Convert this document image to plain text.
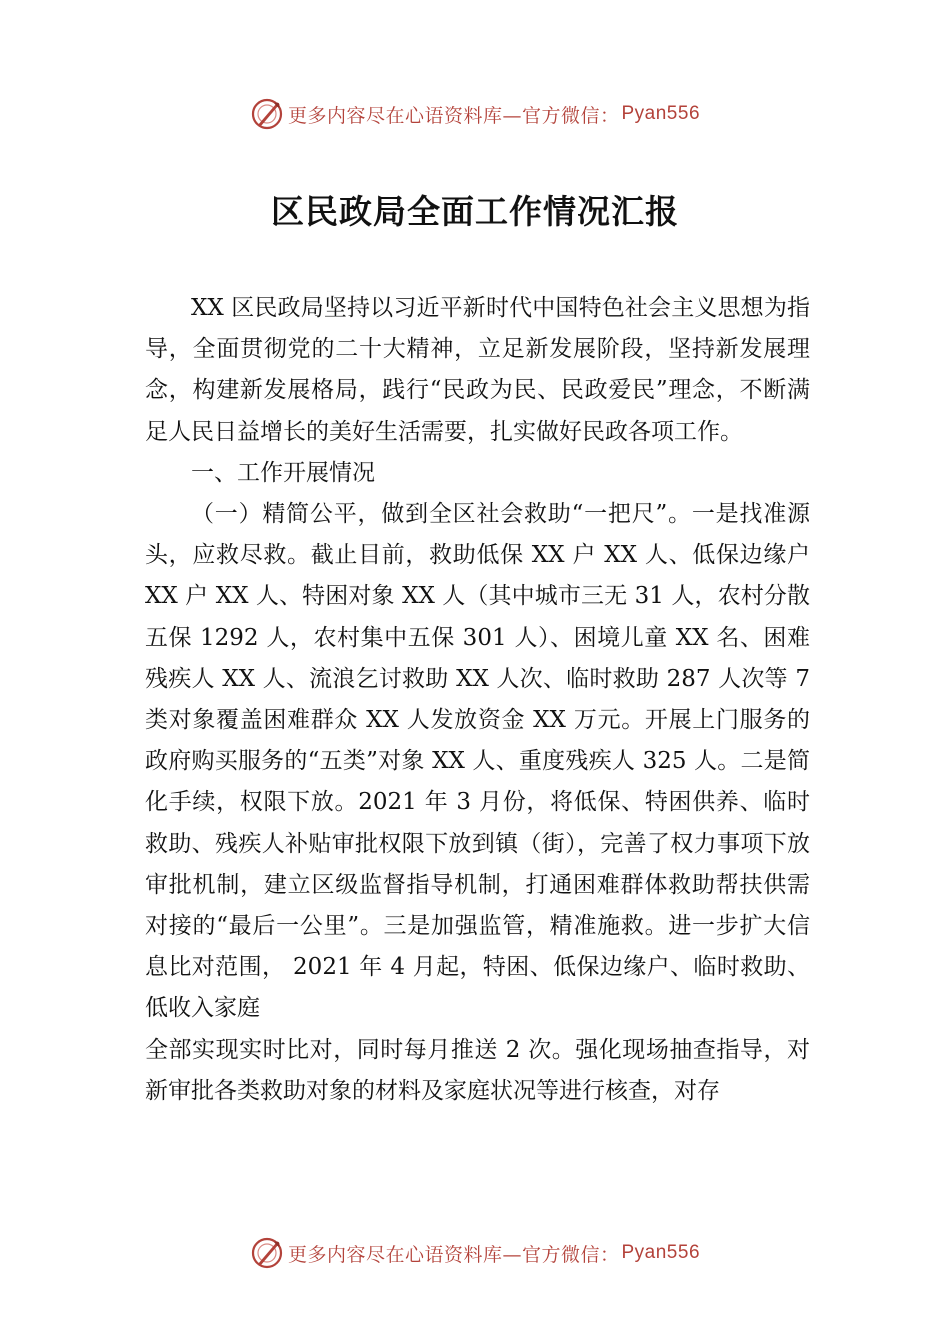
更多内容尽在心语资料库—官方微信： Pyan556
区民政局全面工作情况汇报

XX 区民政局坚持以习近平新时代中国特色社会主义思想为指导，全面贯彻党的二十大精神，立足新发展阶段，坚持新发展理念，构建新发展格局，践行“民政为民、民政爱民”理念，不断满足人民日益增长的美好生活需要，扎实做好民政各项工作。

一、工作开展情况

（一）精简公平，做到全区社会救助“一把尺”。一是找准源头，应救尽救。截止目前，救助低保 XX 户 XX 人、低保边缘户 XX 户 XX 人、特困对象 XX 人（其中城市三无 31 人，农村分散五保 1292 人，农村集中五保 301 人）、困境儿童 XX 名、困难残疾人 XX 人、流浪乞讨救助 XX 人次、临时救助 287 人次等 7 类对象覆盖困难群众 XX 人发放资金 XX 万元。开展上门服务的政府购买服务的“五类”对象 XX 人、重度残疾人 325 人。二是简化手续，权限下放。2021 年 3 月份，将低保、特困供养、临时救助、残疾人补贴审批权限下放到镇（街），完善了权力事项下放审批机制，建立区级监督指导机制，打通困难群体救助帮扶供需对接的“最后一公里”。三是加强监管，精准施救。进一步扩大信息比对范围， 2021 年 4 月起，特困、低保边缘户、临时救助、低收入家庭

全部实现实时比对，同时每月推送 2 次。强化现场抽查指导，对新审批各类救助对象的材料及家庭状况等进行核查，对存

更多内容尽在心语资料库—官方微信： Pyan556
